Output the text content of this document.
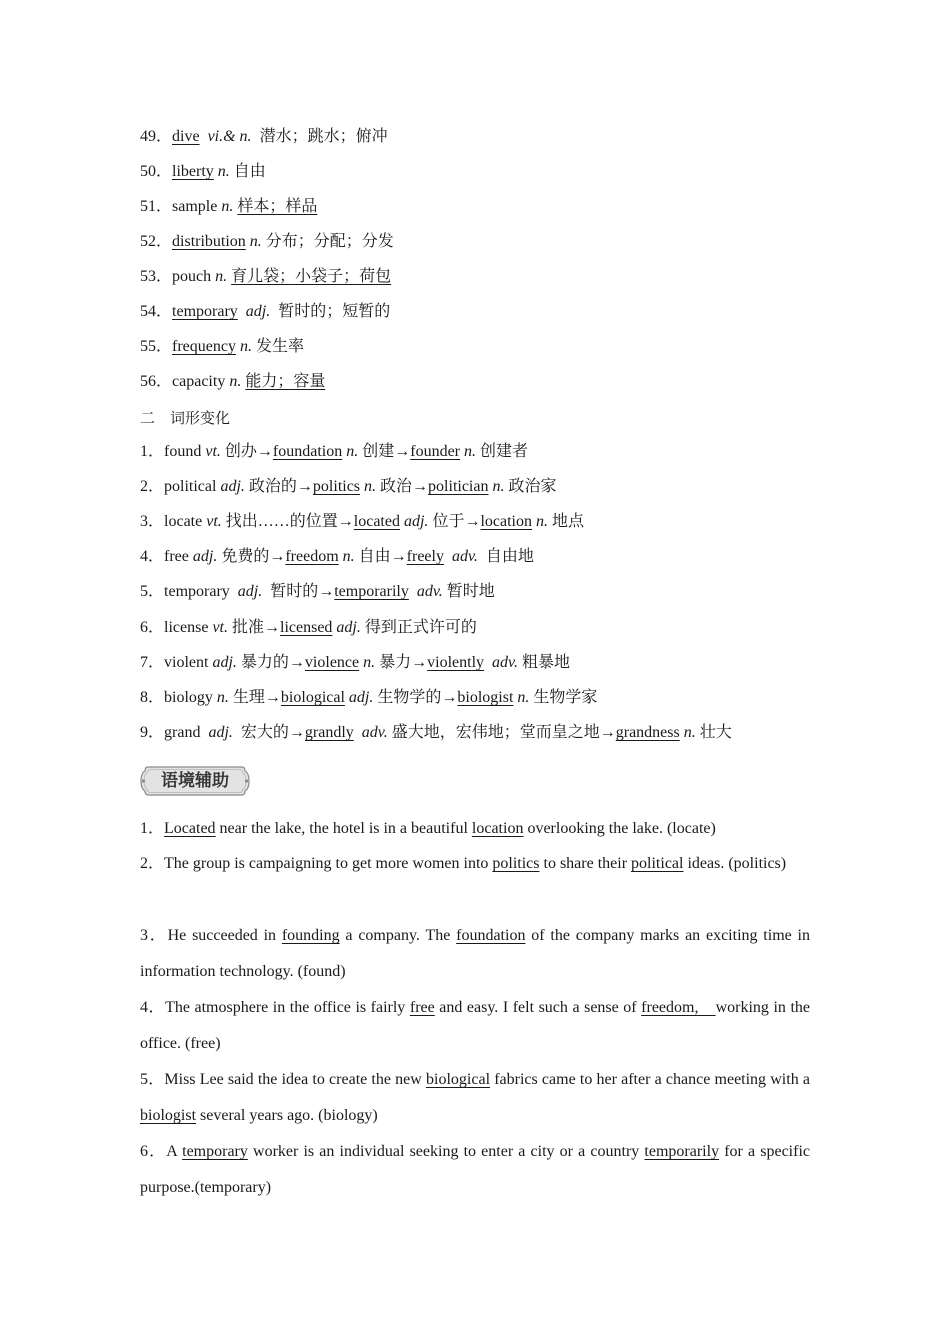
49．dive vi.& n. 潜水；跳水；俯冲
50．liberty n. 自由
51．sample n. 样本；样品
52．distribution n. 分布；分配；分发
53．pouch n. 育儿袋；小袋子；荷包
54．temporary adj. 暂时的；短暂的
55．frequency n. 发生率
56．capacity n. 能力；容量
二　词形变化
1．found vt. 创办→foundation n. 创建→founder n. 创建者
2．political adj. 政治的→politics n. 政治→politician n. 政治家
3．locate vt. 找出……的位置→located adj. 位于→location n. 地点
4．free adj. 免费的→freedom n. 自由→freely adv. 自由地
5．temporary adj. 暂时的→temporarily adv. 暂时地
6．license vt. 批准→licensed adj. 得到正式许可的
7．violent adj. 暴力的→violence n. 暴力→violently adv. 粗暴地
8．biology n. 生理→biological adj. 生物学的→biologist n. 生物学家
9．grand adj. 宏大的→grandly adv. 盛大地，宏伟地；堂而皇之地→grandness n. 壮大
语境辅助
1．Located near the lake, the hotel is in a beautiful location overlooking the lake. (locate)
2．The group is campaigning to get more women into politics to share their political ideas. (politics)
3．He succeeded in founding a company. The foundation of the company marks an exciting time in information technology. (found)
4．The atmosphere in the office is fairly free and easy. I felt such a sense of freedom,　working in the office. (free)
5．Miss Lee said the idea to create the new biological fabrics came to her after a chance meeting with a biologist several years ago. (biology)
6．A temporary worker is an individual seeking to enter a city or a country temporarily for a specific purpose.(temporary)
